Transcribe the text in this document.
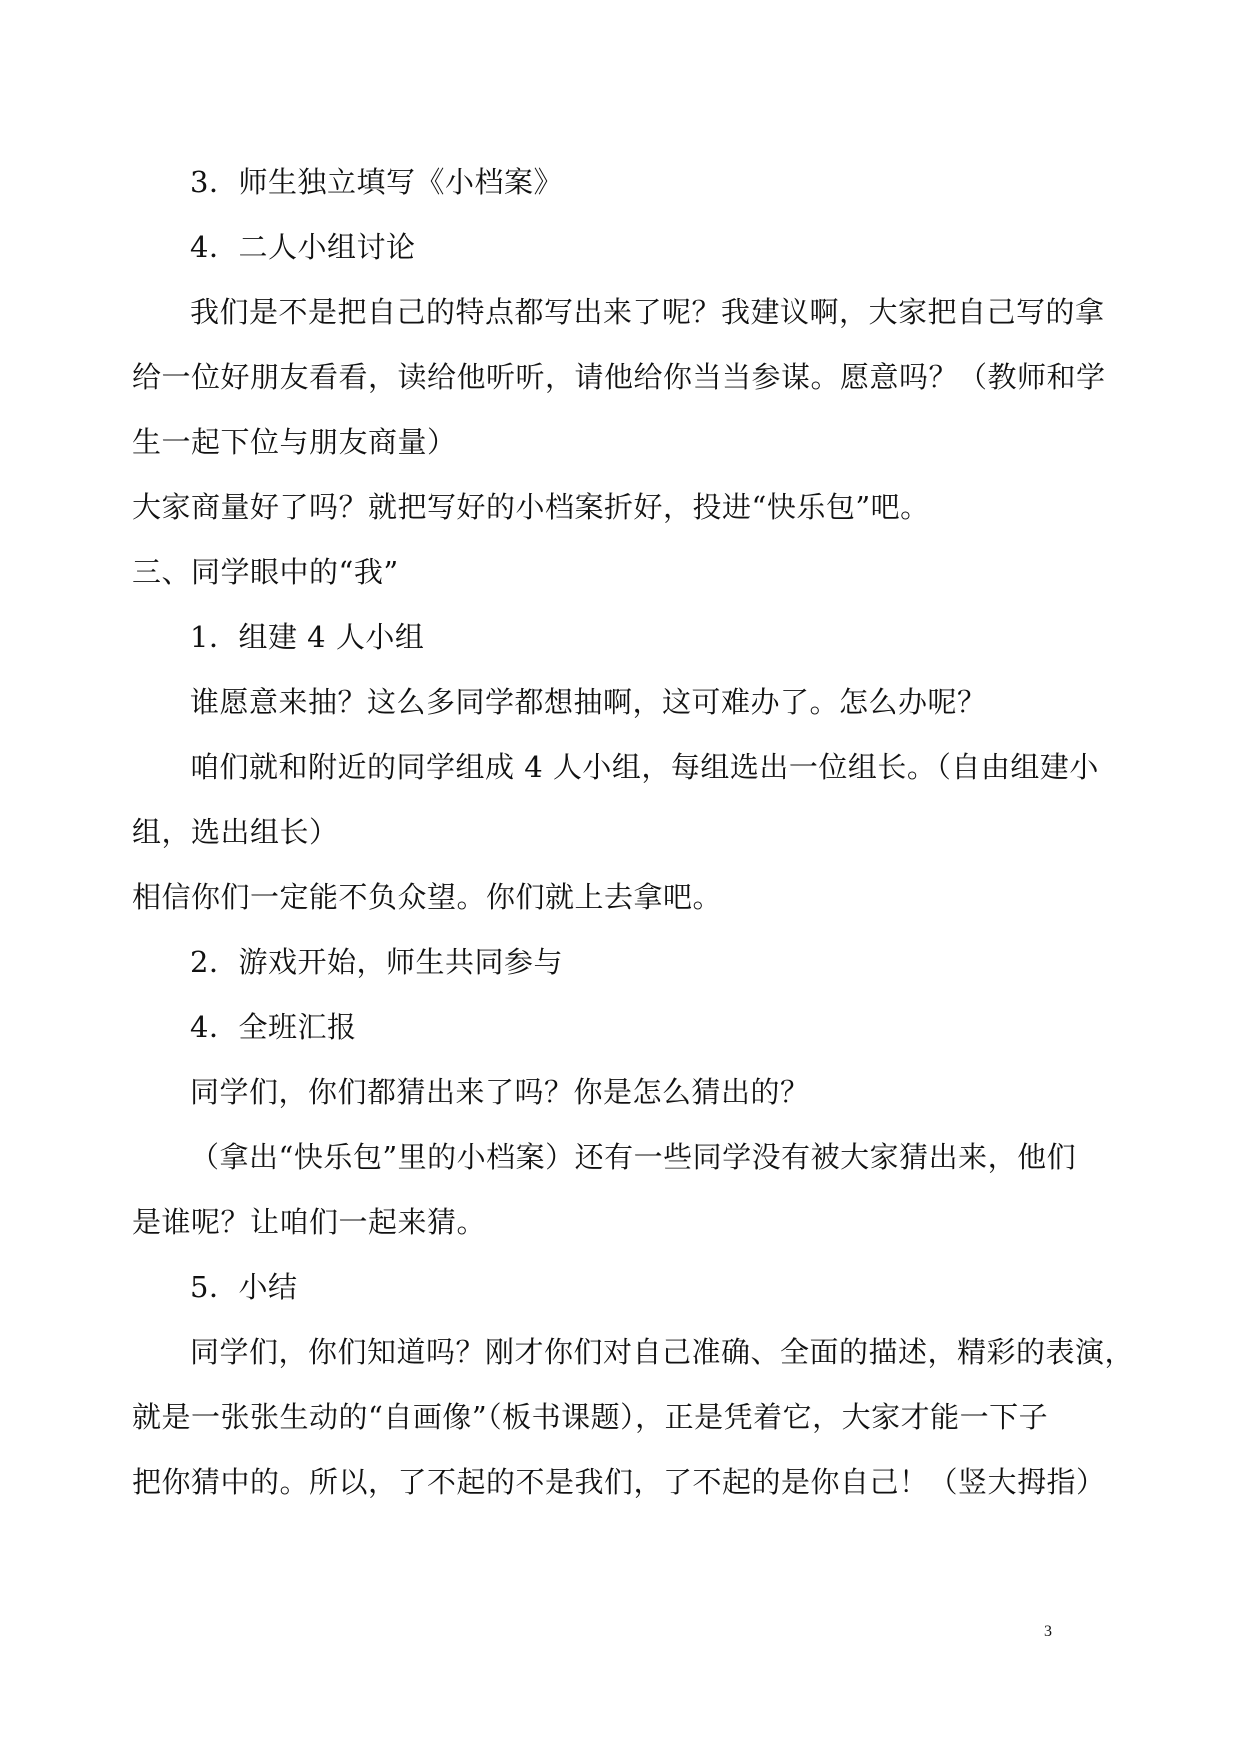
3．师生独立填写《小档案》
4．二人小组讨论
我们是不是把自己的特点都写出来了呢？我建议啊，大家把自己写的拿
给一位好朋友看看，读给他听听，请他给你当当参谋。愿意吗？（教师和学
生一起下位与朋友商量）
大家商量好了吗？就把写好的小档案折好，投进“快乐包”吧。
三、同学眼中的“我”
1．组建 4 人小组
谁愿意来抽？这么多同学都想抽啊，这可难办了。怎么办呢？
咱们就和附近的同学组成 4 人小组，每组选出一位组长。（自由组建小
组，选出组长）
相信你们一定能不负众望。你们就上去拿吧。
2．游戏开始，师生共同参与
4．全班汇报
同学们，你们都猜出来了吗？你是怎么猜出的？
（拿出“快乐包”里的小档案）还有一些同学没有被大家猜出来，他们
是谁呢？让咱们一起来猜。
5．小结
同学们，你们知道吗？刚才你们对自己准确、全面的描述，精彩的表演，
就是一张张生动的“自画像”（板书课题），正是凭着它，大家才能一下子
把你猜中的。所以，了不起的不是我们，了不起的是你自己！（竖大拇指）
3
